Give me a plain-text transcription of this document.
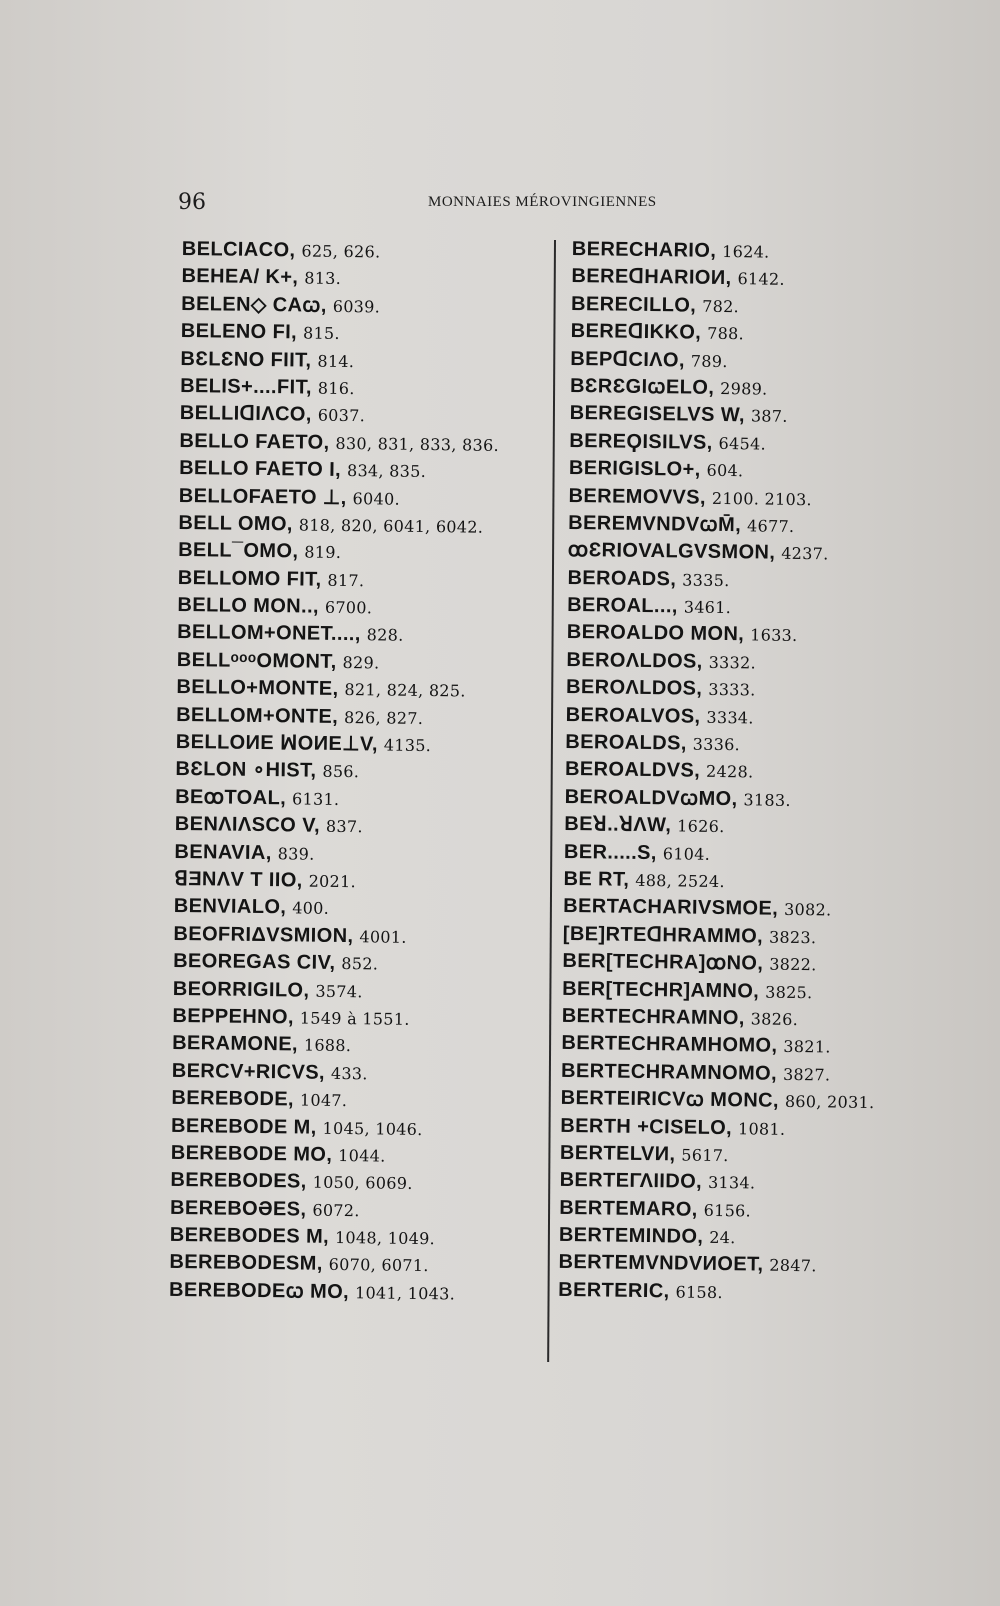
96	MONNAIES MÉROVINGIENNES
BELCIACO, 625, 626.
BEHEA/ K+, 813.
BELEN◇ CAꞷ, 6039.
BELENO FI, 815.
BƐLƐNO FIIT, 814.
BELIS+....FIT, 816.
BELLIꓷIΛCO, 6037.
BELLO FAETO, 830, 831, 833, 836.
BELLO FAETO I, 834, 835.
BELLOFAETO ⊥, 6040.
BELL OMO, 818, 820, 6041, 6042.
BELL¯OMO, 819.
BELLOMO FIT, 817.
BELLO MON.., 6700.
BELLOM+ONET...., 828.
BELLᵒᵒᵒOMONT, 829.
BELLO+MONTE, 821, 824, 825.
BELLOM+ONTE, 826, 827.
BELLOИE ꟽOИE⊥V, 4135.
BƐLON ∘HIST, 856.
BEꝏTOAL, 6131.
BENΛIΛSCO V, 837.
BENAVIA, 839.
ꓭƎNΛV T IIO, 2021.
BENVIALO, 400.
BEOFRIΔVSMION, 4001.
BEOREGAS CIV, 852.
BEORRIGILO, 3574.
BEPPEHNO, 1549 à 1551.
BERAMONE, 1688.
BERCV+RICVS, 433.
BEREBODE, 1047.
BEREBODE M, 1045, 1046.
BEREBODE MO, 1044.
BEREBODES, 1050, 6069.
BEREBOƏES, 6072.
BEREBODES M, 1048, 1049.
BEREBODESM, 6070, 6071.
BEREBODEꞷ MO, 1041, 1043.
BERECHARIO, 1624.
BEREꓷHARIOИ, 6142.
BERECILLO, 782.
BEREꓷIΚΚO, 788.
BEPꓷCIΛO, 789.
BƐRƐGIꞷELO, 2989.
BEREGISELVS W, 387.
BEREϘISILVS, 6454.
BERIGISLO+, 604.
BEREMOVVS, 2100. 2103.
BEREMVNDVꞷM̄, 4677.
ꝏƐRIOVALGVSMON, 4237.
BEROADS, 3335.
BEROAL..., 3461.
BEROALDO MON, 1633.
BEROΛLDOS, 3332.
BEROΛLDOS, 3333.
BEROALVOS, 3334.
BEROALDS, 3336.
BEROALDVS, 2428.
BEROALDVꞷMO, 3183.
BEꓤ..ꓤΛW, 1626.
BER.....S, 6104.
BE RT, 488, 2524.
BERTACHARIVSMOE, 3082.
[BE]RTEꓷHRAMMO, 3823.
BER[TECHRA]ꝏNO, 3822.
BER[TECHR]AMNO, 3825.
BERTECHRAMNO, 3826.
BERTECHRAMHOMO, 3821.
BERTECHRAMNOMO, 3827.
BERTEIRICVꞷ MONC, 860, 2031.
BERTH +CISELO, 1081.
BERTELVИ, 5617.
BERTEΓΛIIDO, 3134.
BERTEMARO, 6156.
BERTEMINDO, 24.
BERTEMVNDVИOET, 2847.
BERTERIC, 6158.
